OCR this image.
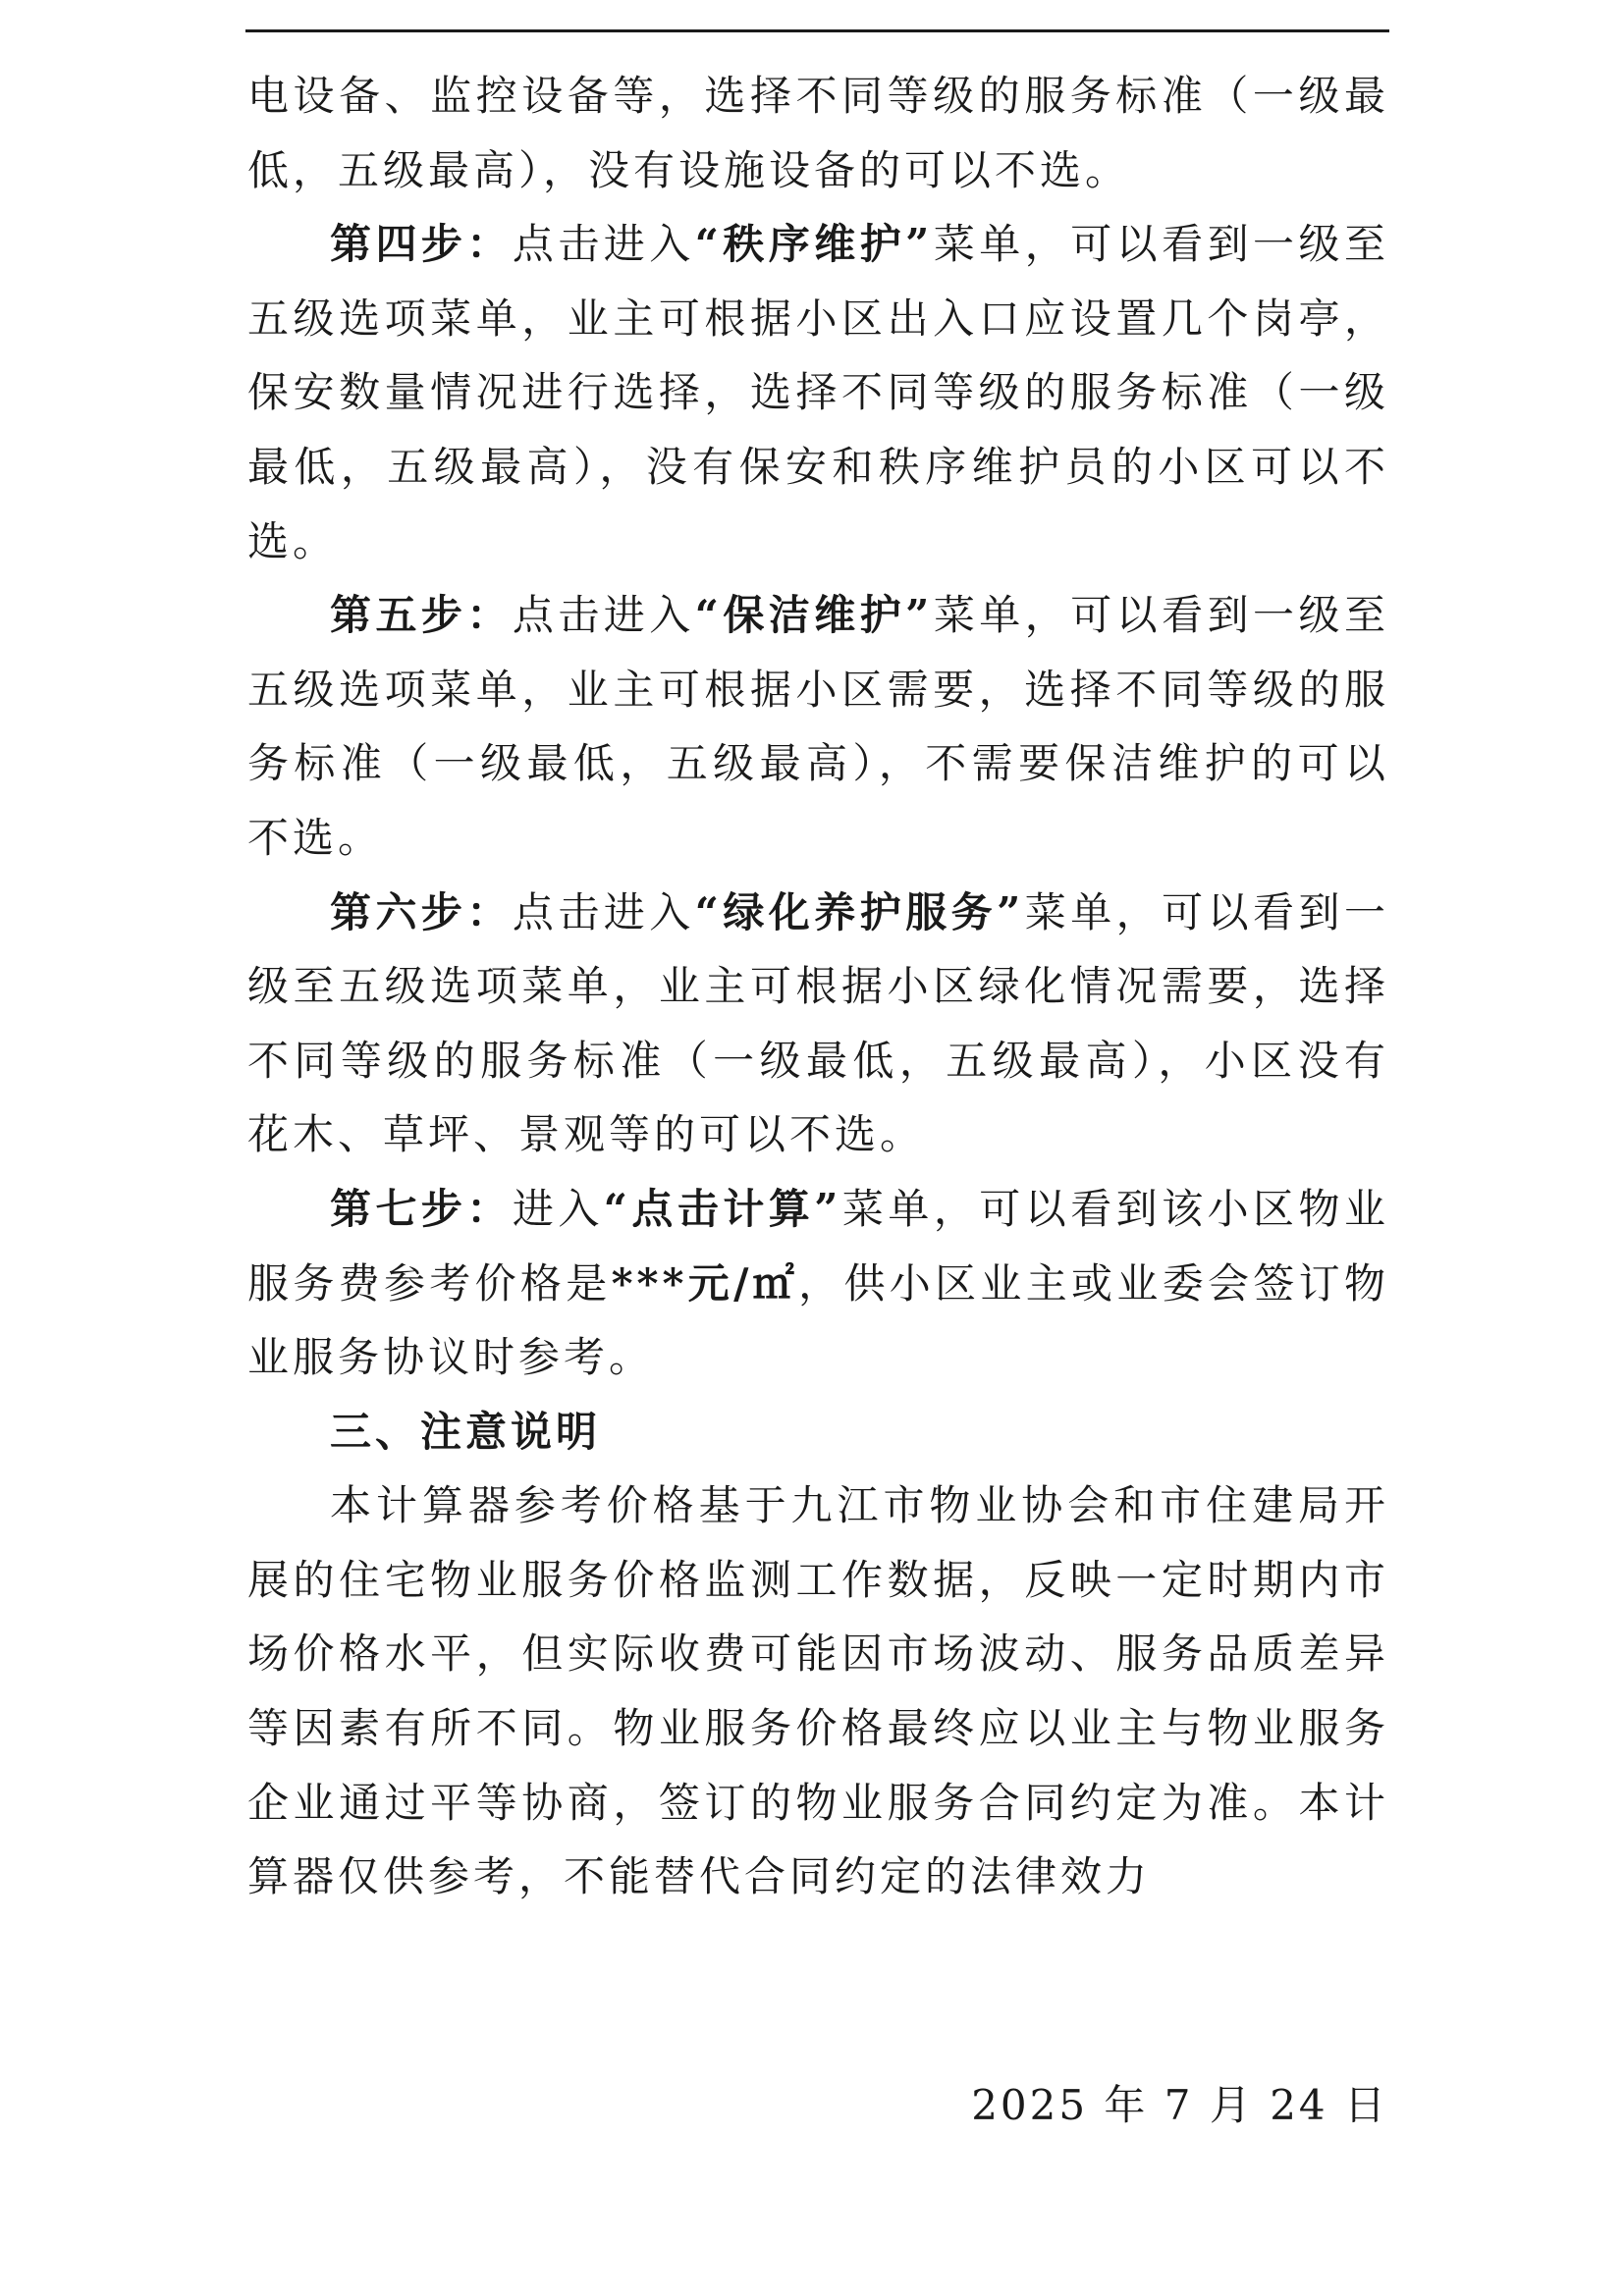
电设备、监控设备等，选择不同等级的服务标准（一级最低，五级最高），没有设施设备的可以不选。

第四步：点击进入“秩序维护”菜单，可以看到一级至五级选项菜单，业主可根据小区出入口应设置几个岗亭，保安数量情况进行选择，选择不同等级的服务标准（一级最低，五级最高），没有保安和秩序维护员的小区可以不选。

第五步：点击进入“保洁维护”菜单，可以看到一级至五级选项菜单，业主可根据小区需要，选择不同等级的服务标准（一级最低，五级最高），不需要保洁维护的可以不选。

第六步：点击进入“绿化养护服务”菜单，可以看到一级至五级选项菜单，业主可根据小区绿化情况需要，选择不同等级的服务标准（一级最低，五级最高），小区没有花木、草坪、景观等的可以不选。

第七步：进入“点击计算”菜单，可以看到该小区物业服务费参考价格是***元/㎡，供小区业主或业委会签订物业服务协议时参考。

三、注意说明

本计算器参考价格基于九江市物业协会和市住建局开展的住宅物业服务价格监测工作数据，反映一定时期内市场价格水平，但实际收费可能因市场波动、服务品质差异等因素有所不同。物业服务价格最终应以业主与物业服务企业通过平等协商，签订的物业服务合同约定为准。本计算器仅供参考，不能替代合同约定的法律效力

2025 年 7 月 24 日
